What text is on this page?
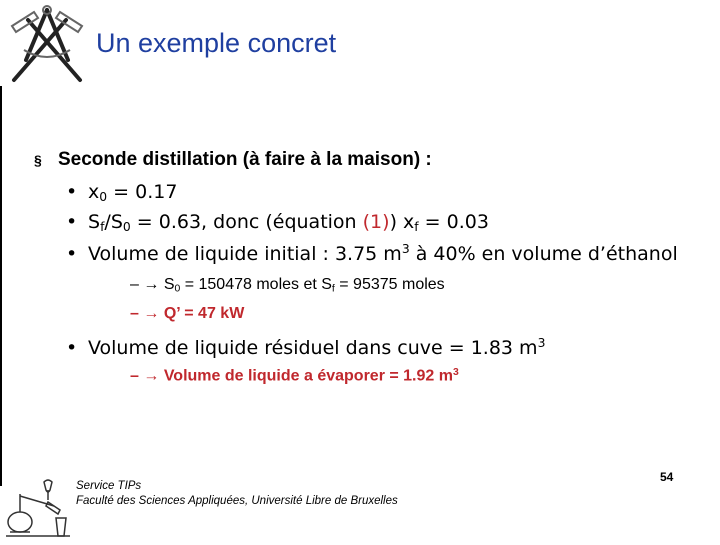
Un exemple concret
§ Seconde distillation (à faire à la maison) :
• $x_0 = 0.17$
• $S_f/S_0 = 0.63$, donc (équation (1)) $x_f = 0.03$
• Volume de liquide initial : 3.75 $m^3$ à 40% en volume d’éthanol
– → $S_0 = 150478$ moles et $S_f = 95375$ moles
– → Q’ = 47 kW
• Volume de liquide résiduel dans cuve = 1.83 $m^3$
– → Volume de liquide a évaporer = 1.92 $m^3$
Service TIPs
Faculté des Sciences Appliquées, Université Libre de Bruxelles
54
